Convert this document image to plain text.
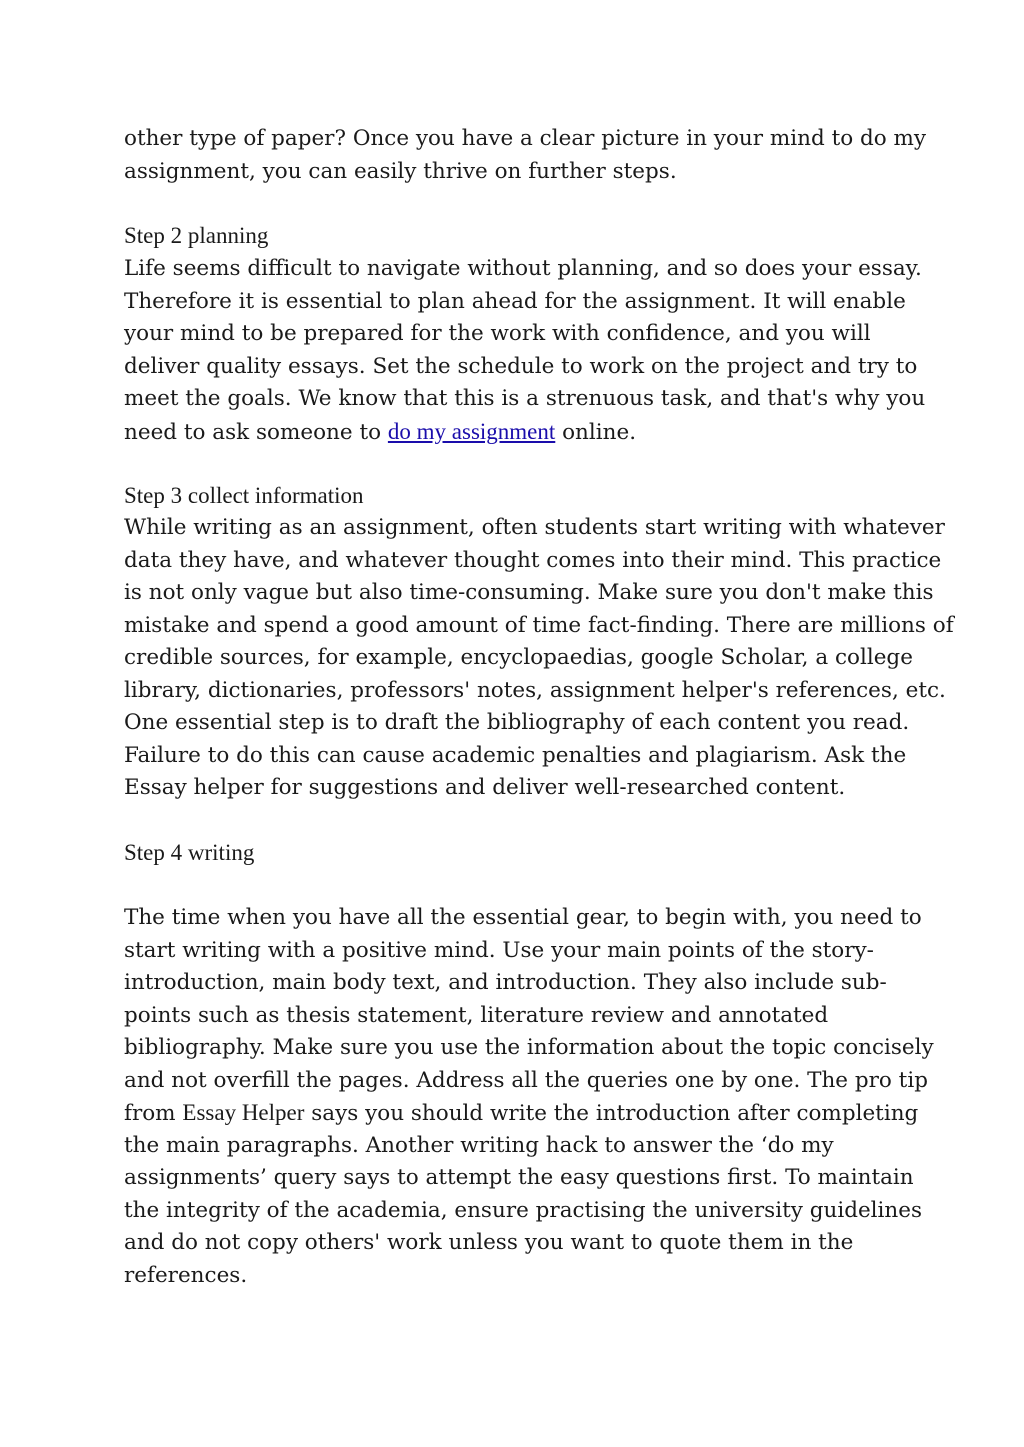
other type of paper? Once you have a clear picture in your mind to do my
assignment, you can easily thrive on further steps.
Step 2 planning
Life seems difficult to navigate without planning, and so does your essay.
Therefore it is essential to plan ahead for the assignment. It will enable
your mind to be prepared for the work with confidence, and you will
deliver quality essays. Set the schedule to work on the project and try to
meet the goals. We know that this is a strenuous task, and that's why you
need to ask someone to do my assignment online.
Step 3 collect information
While writing as an assignment, often students start writing with whatever
data they have, and whatever thought comes into their mind. This practice
is not only vague but also time-consuming. Make sure you don't make this
mistake and spend a good amount of time fact-finding. There are millions of
credible sources, for example, encyclopaedias, google Scholar, a college
library, dictionaries, professors' notes, assignment helper's references, etc.
One essential step is to draft the bibliography of each content you read.
Failure to do this can cause academic penalties and plagiarism. Ask the
Essay helper for suggestions and deliver well-researched content.
Step 4 writing
The time when you have all the essential gear, to begin with, you need to
start writing with a positive mind. Use your main points of the story-
introduction, main body text, and introduction. They also include sub-
points such as thesis statement, literature review and annotated
bibliography. Make sure you use the information about the topic concisely
and not overfill the pages. Address all the queries one by one. The pro tip
from Essay Helper says you should write the introduction after completing
the main paragraphs. Another writing hack to answer the ‘do my
assignments’ query says to attempt the easy questions first. To maintain
the integrity of the academia, ensure practising the university guidelines
and do not copy others' work unless you want to quote them in the
references.
